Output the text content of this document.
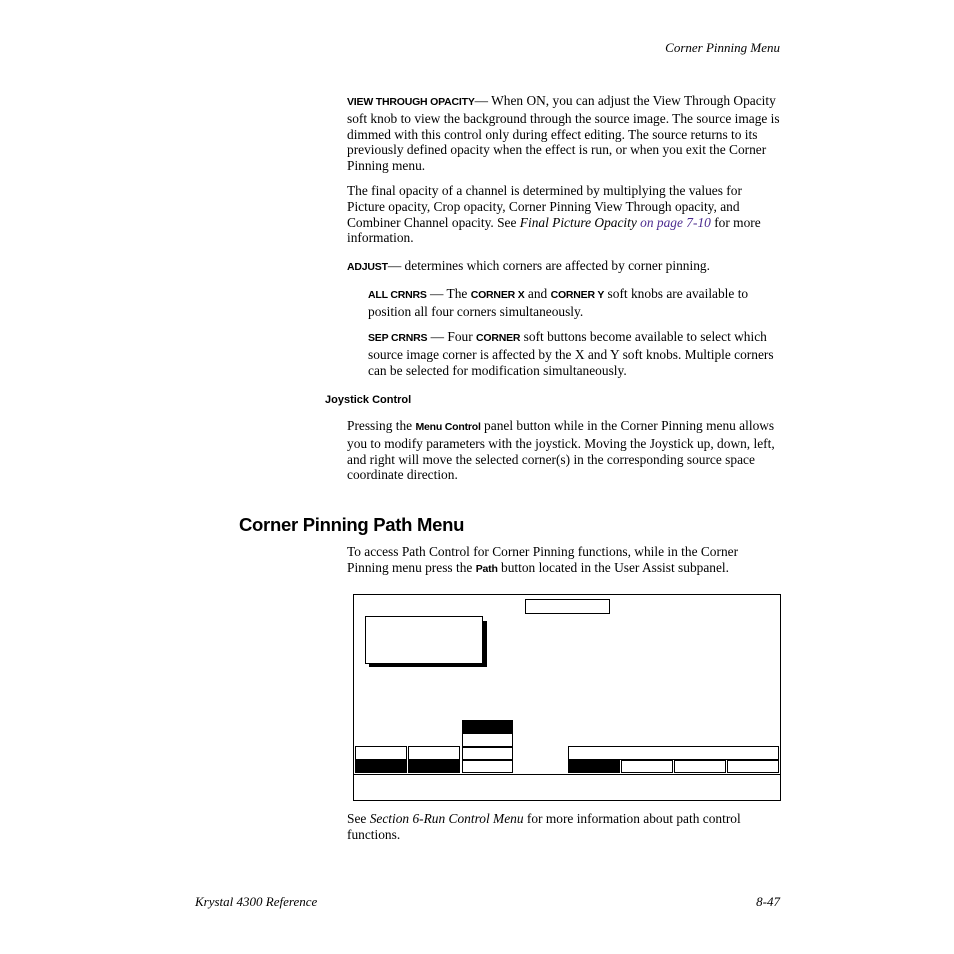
Corner Pinning Menu
VIEW THROUGH OPACITY— When ON, you can adjust the View Through Opacity soft knob to view the background through the source image. The source image is dimmed with this control only during effect editing. The source returns to its previously defined opacity when the effect is run, or when you exit the Corner Pinning menu.
The final opacity of a channel is determined by multiplying the values for Picture opacity, Crop opacity, Corner Pinning View Through opacity, and Combiner Channel opacity. See Final Picture Opacity on page 7-10 for more information.
ADJUST— determines which corners are affected by corner pinning.
ALL CRNRS — The CORNER X and CORNER Y soft knobs are available to position all four corners simultaneously.
SEP CRNRS — Four CORNER soft buttons become available to select which source image corner is affected by the X and Y soft knobs. Multiple corners can be selected for modification simultaneously.
Joystick Control
Pressing the Menu Control panel button while in the Corner Pinning menu allows you to modify parameters with the joystick. Moving the Joystick up, down, left, and right will move the selected corner(s) in the corresponding source space coordinate direction.
Corner Pinning Path Menu
To access Path Control for Corner Pinning functions, while in the Corner Pinning menu press the Path button located in the User Assist subpanel.
See Section 6-Run Control Menu for more information about path control functions.
Krystal 4300 Reference	8-47
